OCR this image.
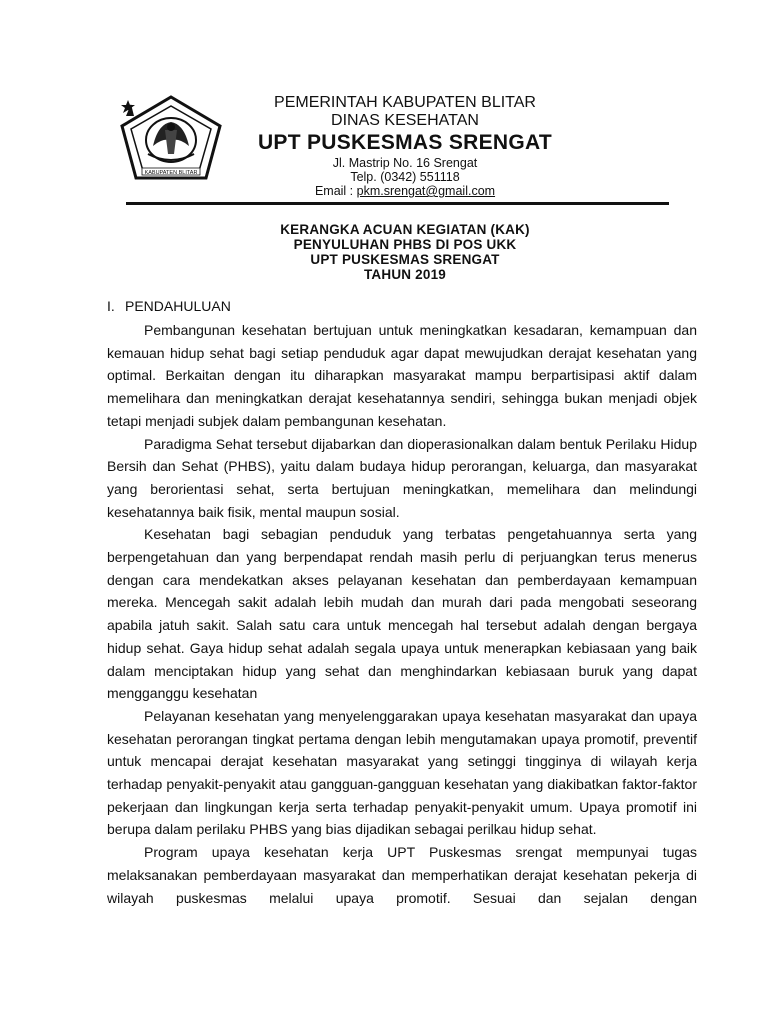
KABUPATEN BLITAR
PEMERINTAH KABUPATEN BLITAR
DINAS KESEHATAN
UPT PUSKESMAS SRENGAT
Jl. Mastrip No. 16 Srengat
Telp. (0342) 551118
Email : pkm.srengat@gmail.com
KERANGKA ACUAN KEGIATAN (KAK)
PENYULUHAN PHBS DI POS UKK
UPT PUSKESMAS SRENGAT
TAHUN 2019
I. PENDAHULUAN

Pembangunan kesehatan bertujuan untuk meningkatkan kesadaran, kemampuan dan kemauan hidup sehat bagi setiap penduduk agar dapat mewujudkan derajat kesehatan yang optimal. Berkaitan dengan itu diharapkan masyarakat mampu berpartisipasi aktif dalam memelihara dan meningkatkan derajat kesehatannya sendiri, sehingga bukan menjadi objek tetapi menjadi subjek dalam pembangunan kesehatan.

Paradigma Sehat tersebut dijabarkan dan dioperasionalkan dalam bentuk Perilaku Hidup Bersih dan Sehat (PHBS), yaitu dalam budaya hidup perorangan, keluarga, dan masyarakat yang berorientasi sehat, serta bertujuan meningkatkan, memelihara dan melindungi kesehatannya baik fisik, mental maupun sosial.

Kesehatan bagi sebagian penduduk yang terbatas pengetahuannya serta yang berpengetahuan dan yang berpendapat rendah masih perlu di perjuangkan terus menerus dengan cara mendekatkan akses pelayanan kesehatan dan pemberdayaan kemampuan mereka. Mencegah sakit adalah lebih mudah dan murah dari pada mengobati seseorang apabila jatuh sakit. Salah satu cara untuk mencegah hal tersebut adalah dengan bergaya hidup sehat. Gaya hidup sehat adalah segala upaya untuk menerapkan kebiasaan yang baik dalam menciptakan hidup yang sehat dan menghindarkan kebiasaan buruk yang dapat mengganggu kesehatan

Pelayanan kesehatan yang menyelenggarakan upaya kesehatan masyarakat dan upaya kesehatan perorangan tingkat pertama dengan lebih mengutamakan upaya promotif, preventif untuk mencapai derajat kesehatan masyarakat yang setinggi tingginya di wilayah kerja terhadap penyakit-penyakit atau gangguan-gangguan kesehatan yang diakibatkan faktor-faktor pekerjaan dan lingkungan kerja serta terhadap penyakit-penyakit umum. Upaya promotif ini berupa dalam perilaku PHBS yang bias dijadikan sebagai perilkau hidup sehat.

Program upaya kesehatan kerja UPT Puskesmas srengat mempunyai tugas melaksanakan pemberdayaan masyarakat dan memperhatikan derajat kesehatan pekerja di wilayah puskesmas melalui upaya promotif. Sesuai dan sejalan dengan
